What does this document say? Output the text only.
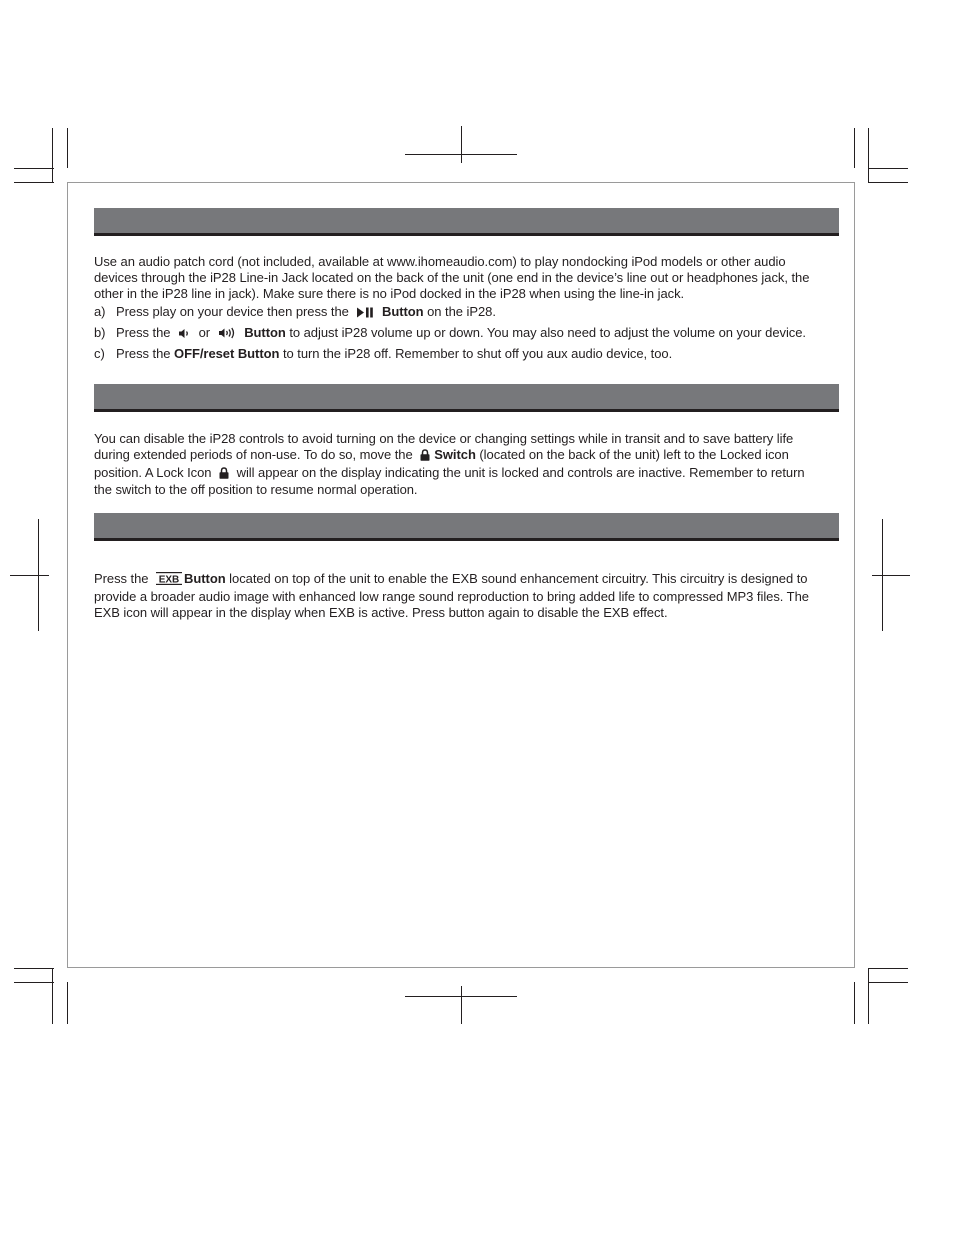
Use an audio patch cord (not included, available at www.ihomeaudio.com) to play nondocking iPod models or other audio devices through the iP28 Line-in Jack located on the back of the unit (one end in the device’s line out or headphones jack, the other in the iP28 line in jack). Make sure there is no iPod docked in the iP28 when using the line-in jack.

a) Press play on your device then press the	Button on the iP28.
b) Press the or	Button to adjust iP28 volume up or down. You may also need to adjust the volume on your device.
c) Press the OFF/reset Button to turn the iP28 off. Remember to shut off you aux audio device, too.

You can disable the iP28 controls to avoid turning on the device or changing settings while in transit and to save battery life during extended periods of non-use. To do so, move the Switch (located on the back of the unit) left to the Locked icon position. A Lock Icon will appear on the display indicating the unit is locked and controls are inactive. Remember to return the switch to the off position to resume normal operation.

Press the EXB Button located on top of the unit to enable the EXB sound enhancement circuitry. This circuitry is designed to provide a broader audio image with enhanced low range sound reproduction to bring added life to compressed MP3 files. The EXB icon will appear in the display when EXB is active. Press button again to disable the EXB effect.
